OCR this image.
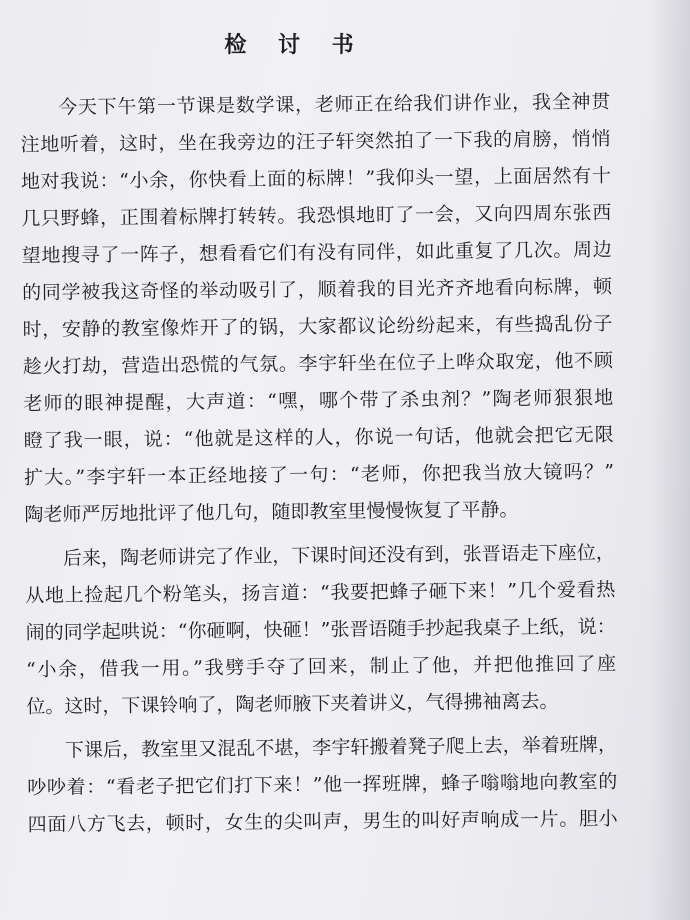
检 讨 书
今天下午第一节课是数学课，老师正在给我们讲作业，我全神贯
注地听着，这时，坐在我旁边的汪子轩突然拍了一下我的肩膀，悄悄
地对我说：“小余，你快看上面的标牌！”我仰头一望，上面居然有十
几只野蜂，正围着标牌打转转。我恐惧地盯了一会，又向四周东张西
望地搜寻了一阵子，想看看它们有没有同伴，如此重复了几次。周边
的同学被我这奇怪的举动吸引了，顺着我的目光齐齐地看向标牌，顿
时，安静的教室像炸开了的锅，大家都议论纷纷起来，有些捣乱份子
趁火打劫，营造出恐慌的气氛。李宇轩坐在位子上哗众取宠，他不顾
老师的眼神提醒，大声道：“嘿，哪个带了杀虫剂？”陶老师狠狠地
瞪了我一眼，说：“他就是这样的人，你说一句话，他就会把它无限
扩大。”李宇轩一本正经地接了一句：“老师，你把我当放大镜吗？”
陶老师严厉地批评了他几句，随即教室里慢慢恢复了平静。
后来，陶老师讲完了作业，下课时间还没有到，张晋语走下座位，
从地上捡起几个粉笔头，扬言道：“我要把蜂子砸下来！”几个爱看热
闹的同学起哄说：“你砸啊，快砸！”张晋语随手抄起我桌子上纸，说：
“小余，借我一用。”我劈手夺了回来，制止了他，并把他推回了座
位。这时，下课铃响了，陶老师腋下夹着讲义，气得拂袖离去。
下课后，教室里又混乱不堪，李宇轩搬着凳子爬上去，举着班牌，
吵吵着：“看老子把它们打下来！”他一挥班牌，蜂子嗡嗡地向教室的
四面八方飞去，顿时，女生的尖叫声，男生的叫好声响成一片。胆小
